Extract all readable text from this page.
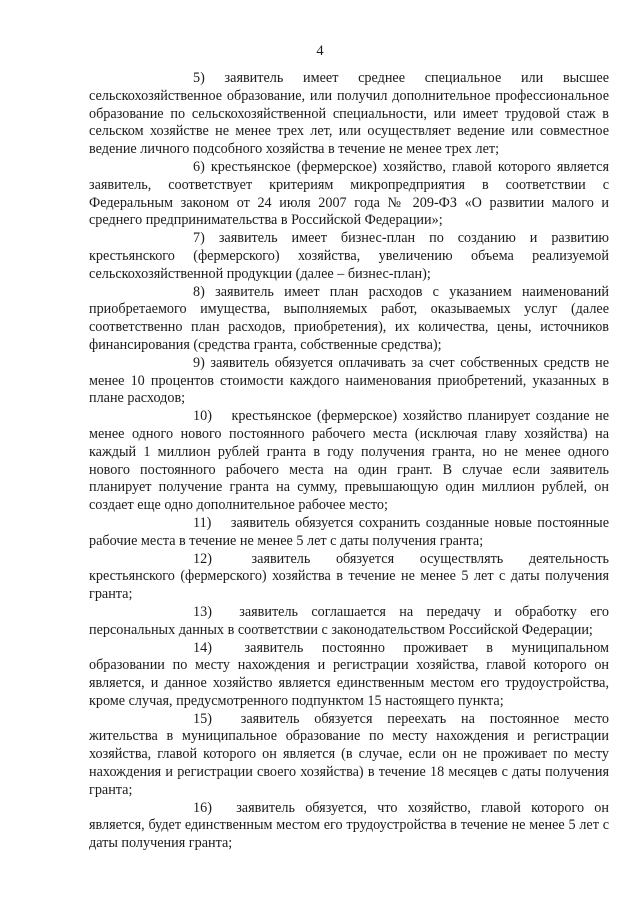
4

5) заявитель имеет среднее специальное или высшее сельскохозяйственное образование, или получил дополнительное профессиональное образование по сельскохозяйственной специальности, или имеет трудовой стаж в сельском хозяйстве не менее трех лет, или осуществляет ведение или совместное ведение личного подсобного хозяйства в течение не менее трех лет;

6) крестьянское (фермерское) хозяйство, главой которого является заявитель, соответствует критериям микропредприятия в соответствии с Федеральным законом от 24 июля 2007 года № 209-ФЗ «О развитии малого и среднего предпринимательства в Российской Федерации»;

7) заявитель имеет бизнес-план по созданию и развитию крестьянского (фермерского) хозяйства, увеличению объема реализуемой сельскохозяйственной продукции (далее – бизнес-план);

8) заявитель имеет план расходов с указанием наименований приобретаемого имущества, выполняемых работ, оказываемых услуг (далее соответственно план расходов, приобретения), их количества, цены, источников финансирования (средства гранта, собственные средства);

9) заявитель обязуется оплачивать за счет собственных средств не менее 10 процентов стоимости каждого наименования приобретений, указанных в плане расходов;

10) крестьянское (фермерское) хозяйство планирует создание не менее одного нового постоянного рабочего места (исключая главу хозяйства) на каждый 1 миллион рублей гранта в году получения гранта, но не менее одного нового постоянного рабочего места на один грант. В случае если заявитель планирует получение гранта на сумму, превышающую один миллион рублей, он создает еще одно дополнительное рабочее место;

11) заявитель обязуется сохранить созданные новые постоянные рабочие места в течение не менее 5 лет с даты получения гранта;

12)	заявитель обязуется осуществлять деятельность крестьянского (фермерского) хозяйства в течение не менее 5 лет с даты получения гранта;

13) заявитель соглашается на передачу и обработку его персональных данных в соответствии с законодательством Российской Федерации;

14) заявитель постоянно проживает в муниципальном образовании по месту нахождения и регистрации хозяйства, главой которого он является, и данное хозяйство является единственным местом его трудоустройства, кроме случая, предусмотренного подпунктом 15 настоящего пункта;

15) заявитель обязуется переехать на постоянное место жительства в муниципальное образование по месту нахождения и регистрации хозяйства, главой которого он является (в случае, если он не проживает по месту нахождения и регистрации своего хозяйства) в течение 18 месяцев с даты получения гранта;

16) заявитель обязуется, что хозяйство, главой которого он является, будет единственным местом его трудоустройства в течение не менее 5 лет с даты получения гранта;
